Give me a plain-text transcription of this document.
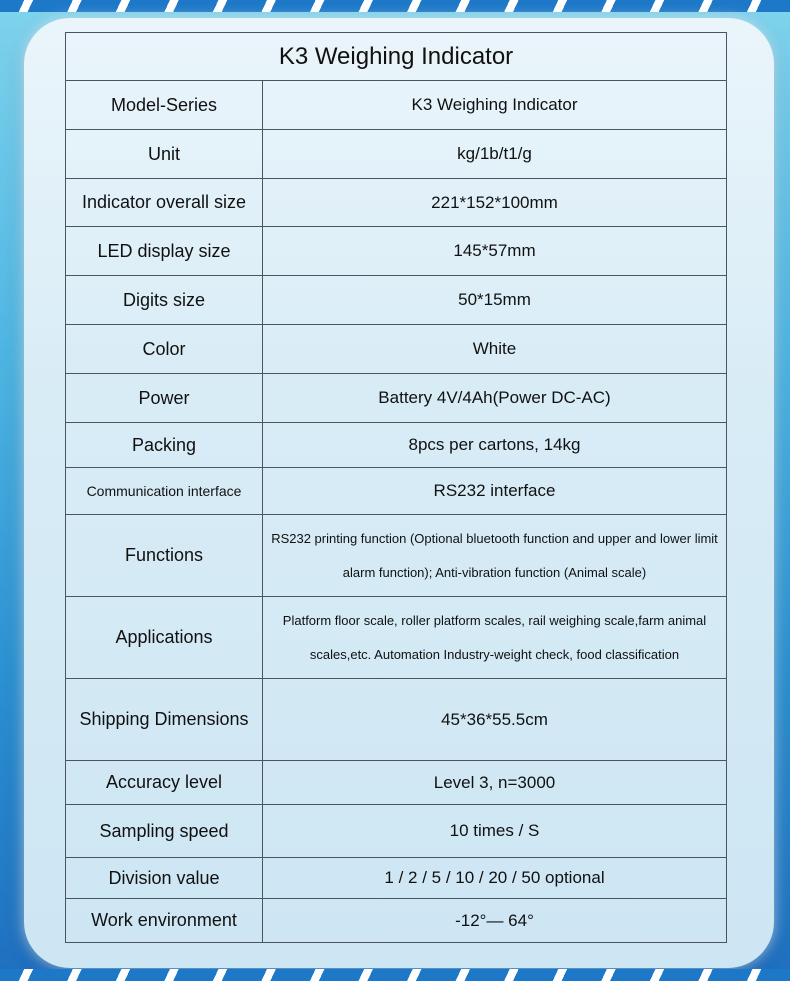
K3 Weighing Indicator	
Model-Series	K3 Weighing Indicator
Unit	kg/1b/t1/g
Indicator overall size	221*152*100mm
LED display size	145*57mm
Digits size	50*15mm
Color	White
Power	Battery 4V/4Ah(Power DC-AC)
Packing	8pcs per cartons, 14kg
Communication interface	RS232 interface
Functions	RS232 printing function (Optional bluetooth function and upper and lower limit alarm function); Anti-vibration function (Animal scale)

Applications	Platform floor scale, roller platform scales, rail weighing scale,farm animal scales,etc. Automation Industry-weight check, food classification

Shipping Dimensions	45*36*55.5cm
Accuracy level	Level 3, n=3000
Sampling speed	10 times / S
Division value	1 / 2 / 5 / 10 / 20 / 50 optional
Work environment	-12°— 64°
